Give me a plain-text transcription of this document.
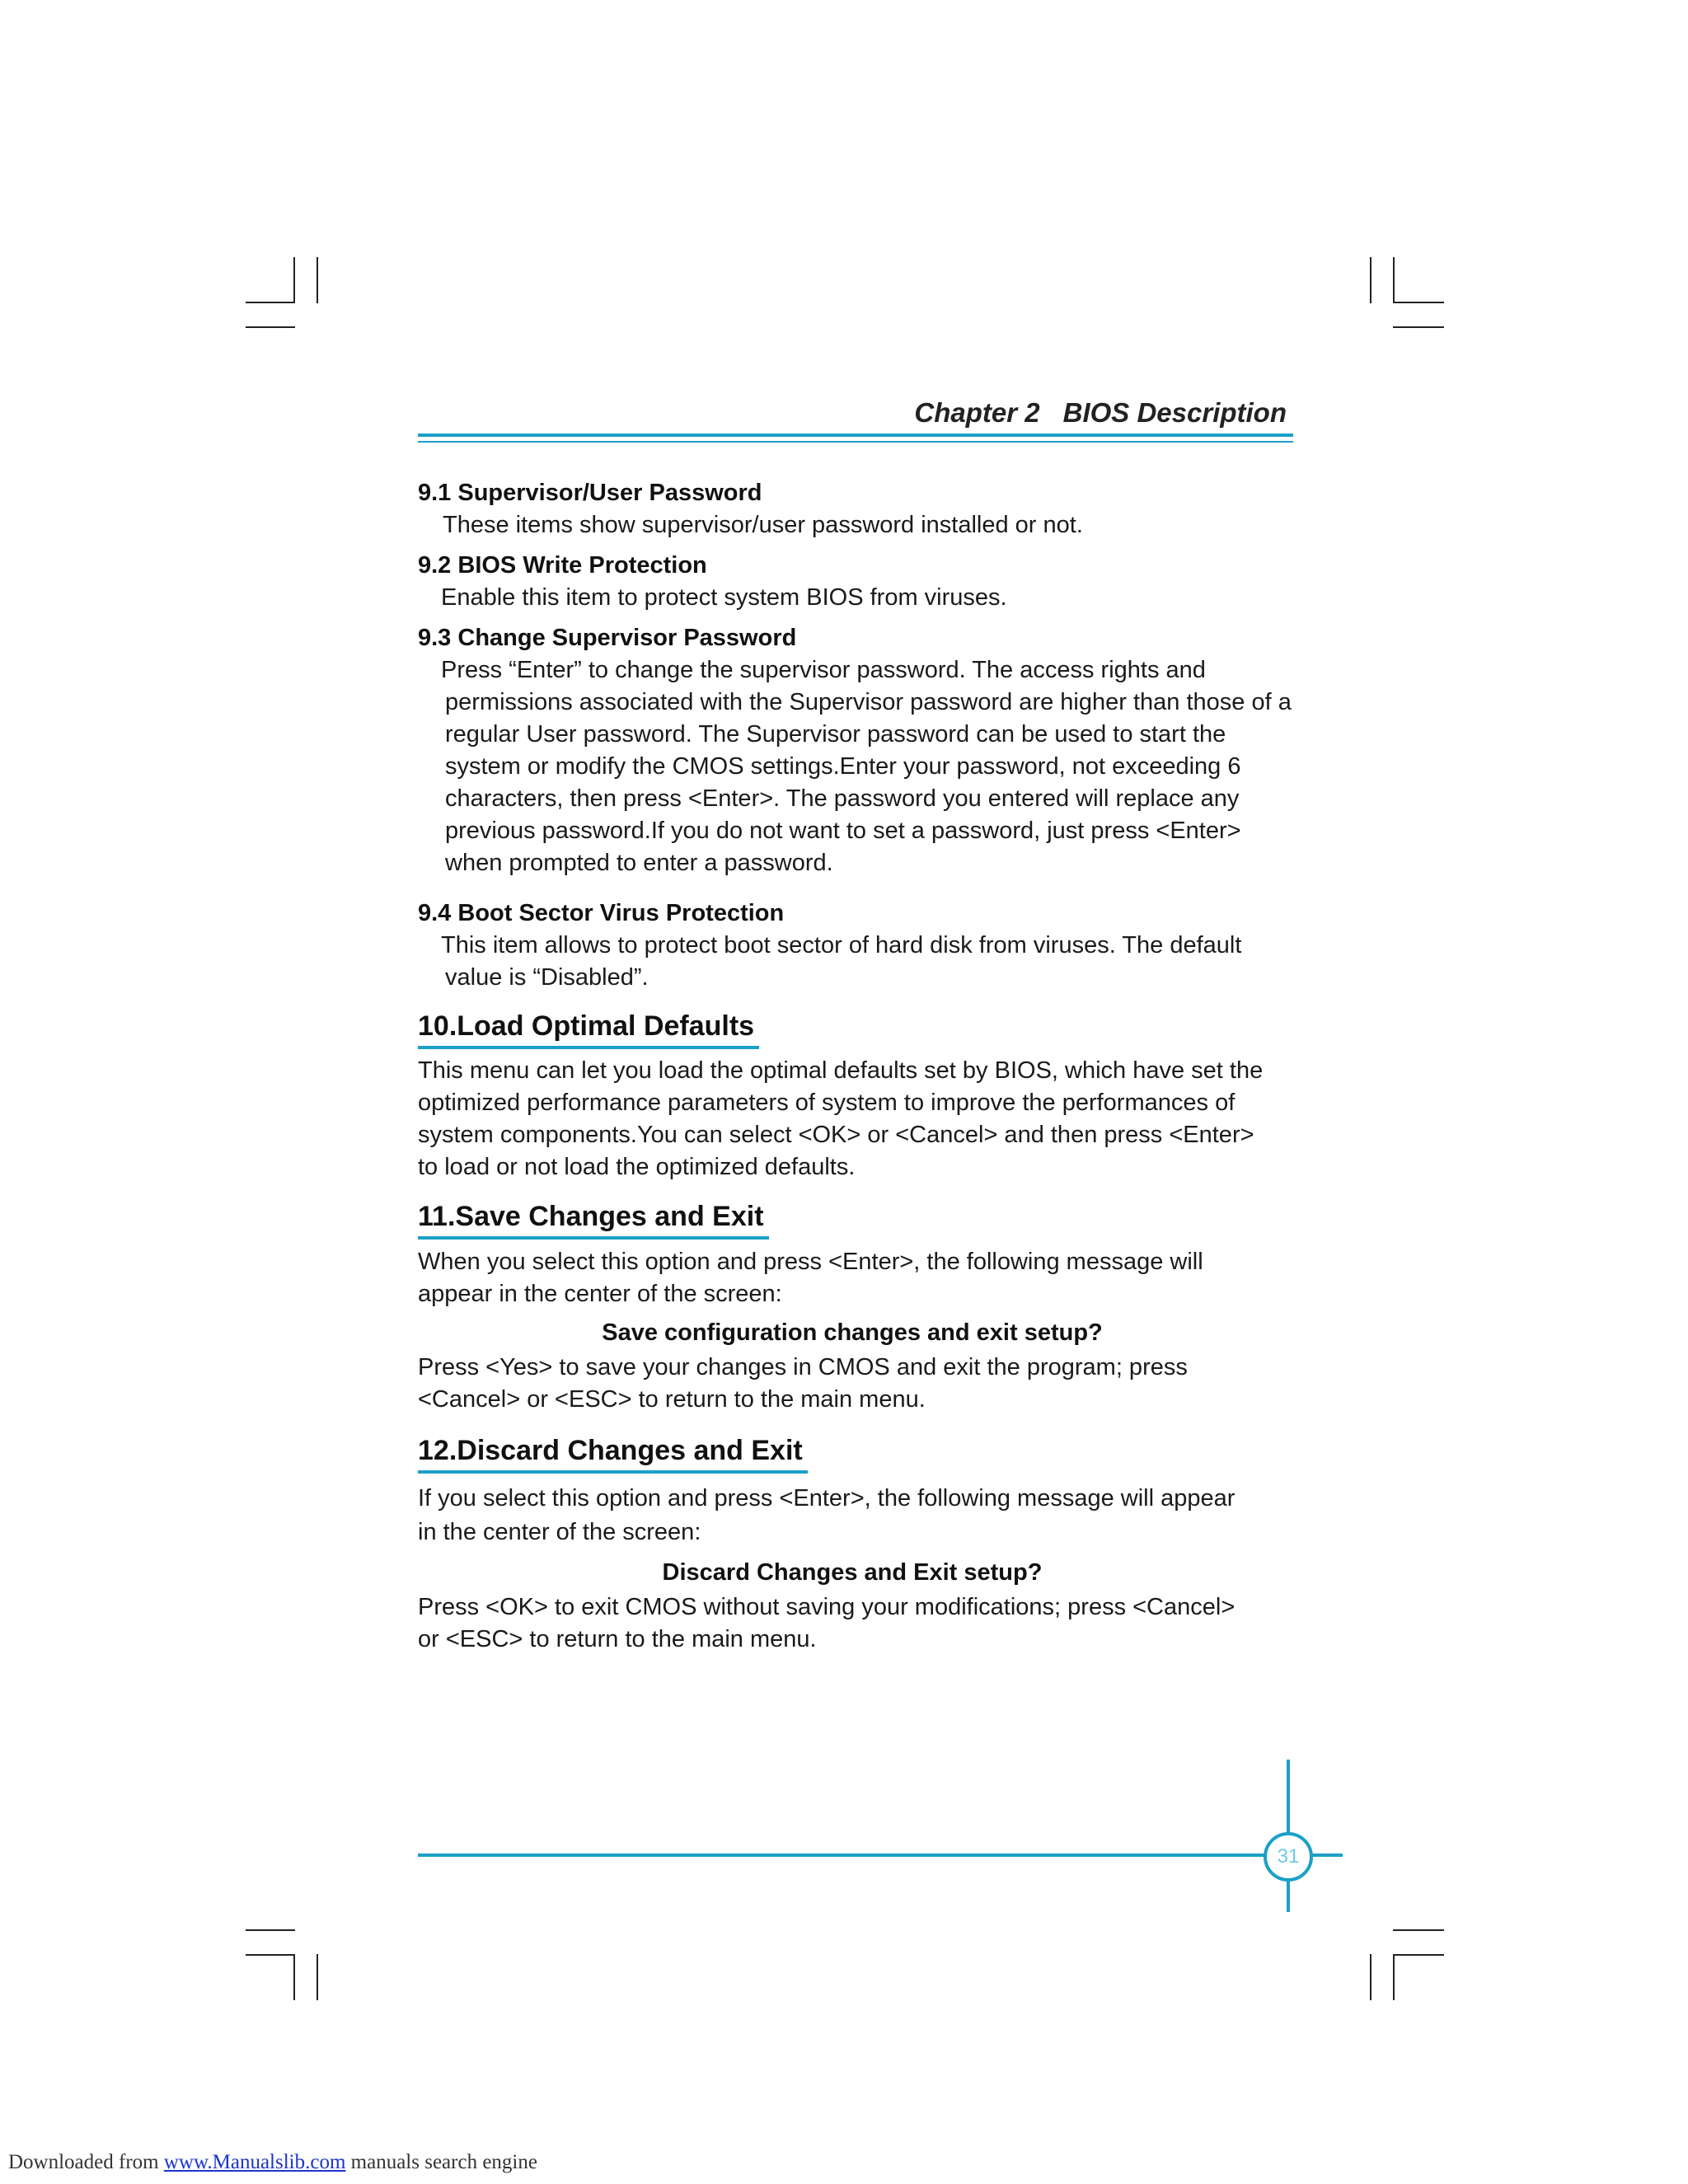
Chapter 2 BIOS Description
9.1 Supervisor/User Password
These items show supervisor/user password installed or not.
9.2 BIOS Write Protection
Enable this item to protect system BIOS from viruses.
9.3 Change Supervisor Password
Press “Enter” to change the supervisor password. The access rights and
permissions associated with the Supervisor password are higher than those of a
regular User password. The Supervisor password can be used to start the
system or modify the CMOS settings.Enter your password, not exceeding 6
characters, then press <Enter>. The password you entered will replace any
previous password.If you do not want to set a password, just press <Enter>
when prompted to enter a password.
9.4 Boot Sector Virus Protection
This item allows to protect boot sector of hard disk from viruses. The default
value is “Disabled”.
10.Load Optimal Defaults
This menu can let you load the optimal defaults set by BIOS, which have set the
optimized performance parameters of system to improve the performances of
system components.You can select <OK> or <Cancel> and then press <Enter>
to load or not load the optimized defaults.
11.Save Changes and Exit
When you select this option and press <Enter>, the following message will
appear in the center of the screen:
Save configuration changes and exit setup?
Press <Yes> to save your changes in CMOS and exit the program; press
<Cancel> or <ESC> to return to the main menu.
12.Discard Changes and Exit
If you select this option and press <Enter>, the following message will appear
in the center of the screen:
Discard Changes and Exit setup?
Press <OK> to exit CMOS without saving your modifications; press <Cancel>
or <ESC> to return to the main menu.
31
Downloaded from www.Manualslib.com manuals search engine
